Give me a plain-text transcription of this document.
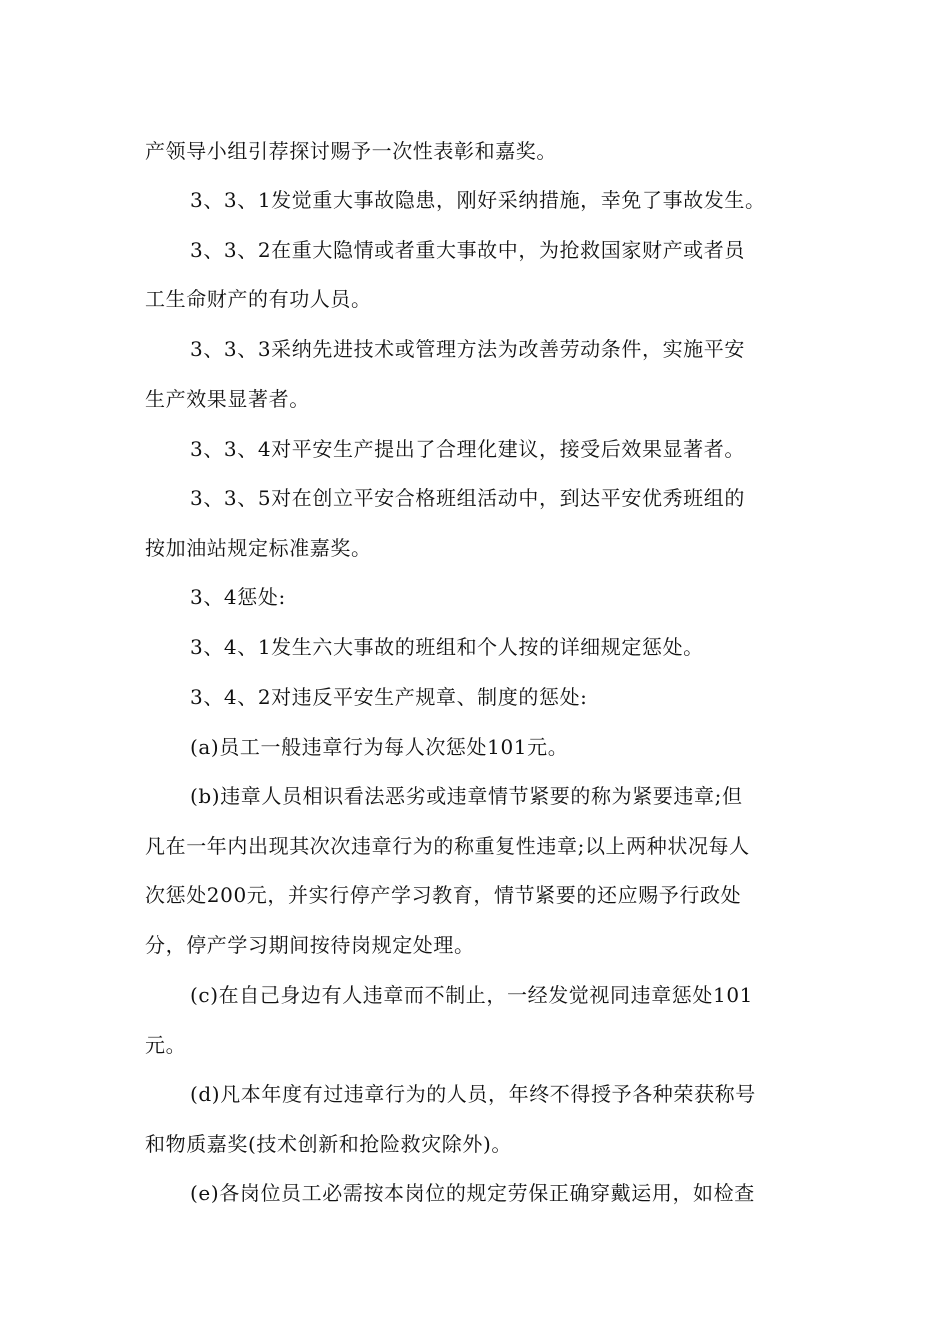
产领导小组引荐探讨赐予一次性表彰和嘉奖。
3、3、1发觉重大事故隐患，刚好采纳措施，幸免了事故发生。
3、3、2在重大隐情或者重大事故中，为抢救国家财产或者员
工生命财产的有功人员。
3、3、3采纳先进技术或管理方法为改善劳动条件，实施平安
生产效果显著者。
3、3、4对平安生产提出了合理化建议，接受后效果显著者。
3、3、5对在创立平安合格班组活动中，到达平安优秀班组的
按加油站规定标准嘉奖。
3、4惩处:
3、4、1发生六大事故的班组和个人按的详细规定惩处。
3、4、2对违反平安生产规章、制度的惩处:
(a)员工一般违章行为每人次惩处101元。
(b)违章人员相识看法恶劣或违章情节紧要的称为紧要违章;但
凡在一年内出现其次次违章行为的称重复性违章;以上两种状况每人
次惩处200元，并实行停产学习教育，情节紧要的还应赐予行政处
分，停产学习期间按待岗规定处理。
(c)在自己身边有人违章而不制止，一经发觉视同违章惩处101
元。
(d)凡本年度有过违章行为的人员，年终不得授予各种荣获称号
和物质嘉奖(技术创新和抢险救灾除外)。
(e)各岗位员工必需按本岗位的规定劳保正确穿戴运用，如检查
